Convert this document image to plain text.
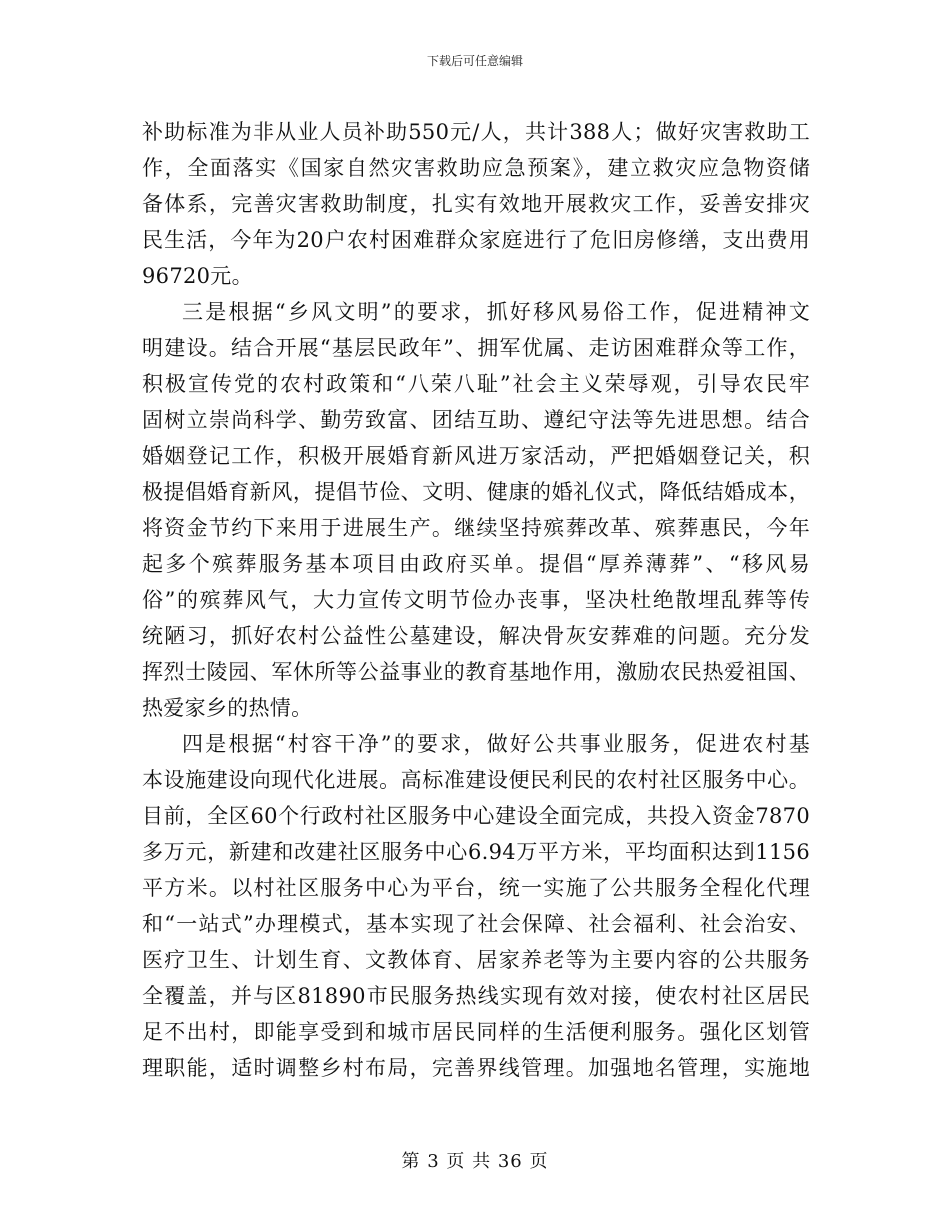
下载后可任意编辑
补助标准为非从业人员补助550元/人，共计388人；做好灾害救助工
作，全面落实《国家自然灾害救助应急预案》，建立救灾应急物资储
备体系，完善灾害救助制度，扎实有效地开展救灾工作，妥善安排灾
民生活，今年为20户农村困难群众家庭进行了危旧房修缮，支出费用
96720元。
三是根据“乡风文明”的要求，抓好移风易俗工作，促进精神文
明建设。结合开展“基层民政年”、拥军优属、走访困难群众等工作，
积极宣传党的农村政策和“八荣八耻”社会主义荣辱观，引导农民牢
固树立崇尚科学、勤劳致富、团结互助、遵纪守法等先进思想。结合
婚姻登记工作，积极开展婚育新风进万家活动，严把婚姻登记关，积
极提倡婚育新风，提倡节俭、文明、健康的婚礼仪式，降低结婚成本，
将资金节约下来用于进展生产。继续坚持殡葬改革、殡葬惠民，今年
起多个殡葬服务基本项目由政府买单。提倡“厚养薄葬”、“移风易
俗”的殡葬风气，大力宣传文明节俭办丧事，坚决杜绝散埋乱葬等传
统陋习，抓好农村公益性公墓建设，解决骨灰安葬难的问题。充分发
挥烈士陵园、军休所等公益事业的教育基地作用，激励农民热爱祖国、
热爱家乡的热情。
四是根据“村容干净”的要求，做好公共事业服务，促进农村基
本设施建设向现代化进展。高标准建设便民利民的农村社区服务中心。
目前，全区60个行政村社区服务中心建设全面完成，共投入资金7870
多万元，新建和改建社区服务中心6.94万平方米，平均面积达到1156
平方米。以村社区服务中心为平台，统一实施了公共服务全程化代理
和“一站式”办理模式，基本实现了社会保障、社会福利、社会治安、
医疗卫生、计划生育、文教体育、居家养老等为主要内容的公共服务
全覆盖，并与区81890市民服务热线实现有效对接，使农村社区居民
足不出村，即能享受到和城市居民同样的生活便利服务。强化区划管
理职能，适时调整乡村布局，完善界线管理。加强地名管理，实施地
第 3 页 共 36 页
